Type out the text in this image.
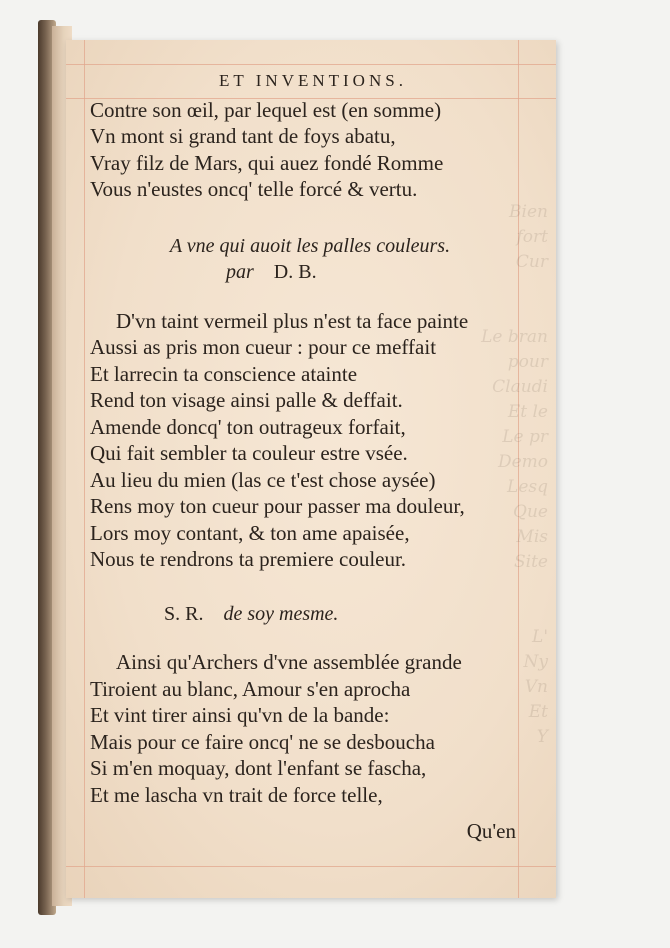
Bien
fort
Cur

Le bran
pour
Claudi
Et le
Le pr
Demo
Lesq
Que
Mis
Site

L'
Ny
Vn
Et
Y
ET INVENTIONS.
Contre son œil, par lequel est (en somme)
Vn mont si grand tant de foys abatu,
Vray filz de Mars, qui auez fondé Romme
Vous n'eustes oncq' telle forcé & vertu.
A vne qui auoit les palles couleurs.
par D. B.
D'vn taint vermeil plus n'est ta face painte
Aussi as pris mon cueur : pour ce meffait
Et larrecin ta conscience atainte
Rend ton visage ainsi palle & deffait.
Amende doncq' ton outrageux forfait,
Qui fait sembler ta couleur estre vsée.
Au lieu du mien (las ce t'est chose aysée)
Rens moy ton cueur pour passer ma douleur,
Lors moy contant, & ton ame apaisée,
Nous te rendrons ta premiere couleur.
S. R. de soy mesme.
Ainsi qu'Archers d'vne assemblée grande
Tiroient au blanc, Amour s'en aprocha
Et vint tirer ainsi qu'vn de la bande:
Mais pour ce faire oncq' ne se desboucha
Si m'en moquay, dont l'enfant se fascha,
Et me lascha vn trait de force telle,
Qu'en
